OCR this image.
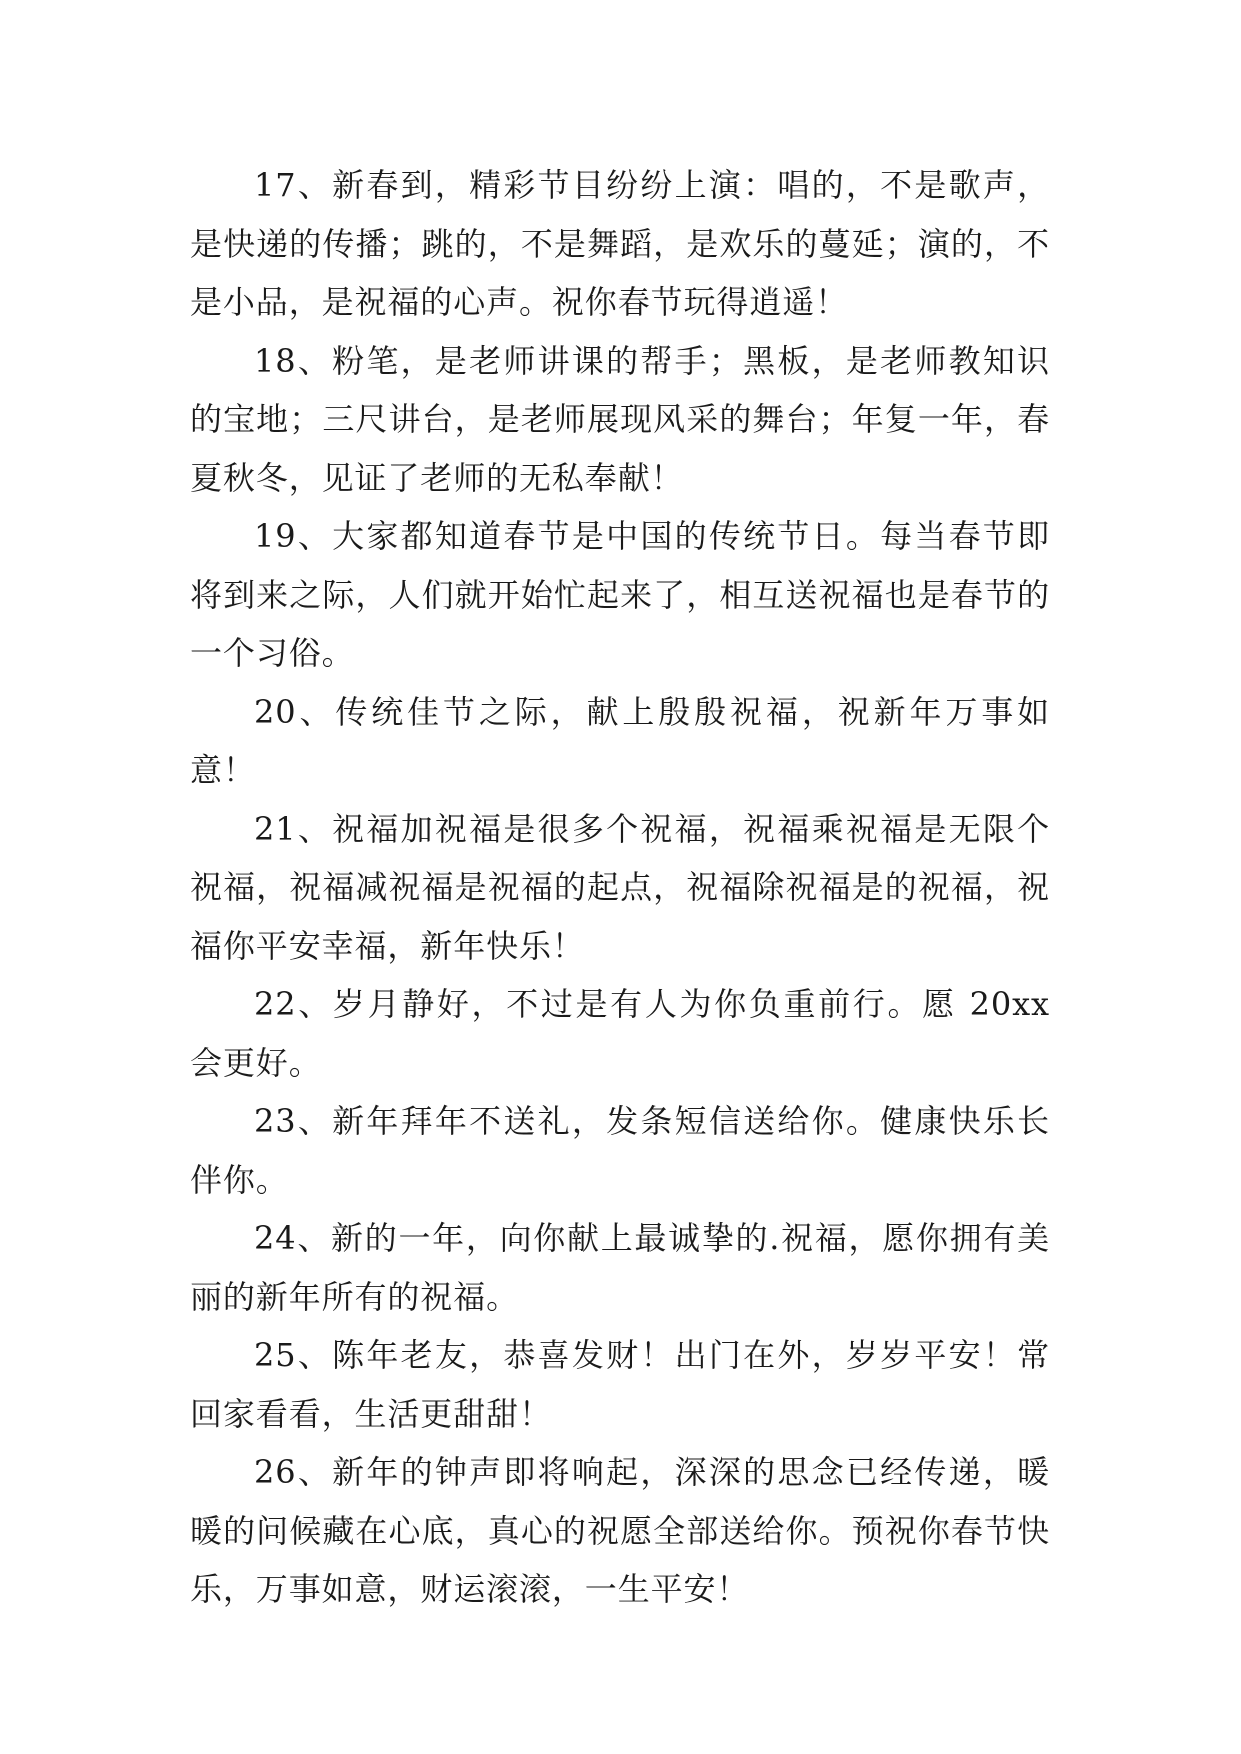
17、新春到，精彩节目纷纷上演：唱的，不是歌声，是快递的传播；跳的，不是舞蹈，是欢乐的蔓延；演的，不是小品，是祝福的心声。祝你春节玩得逍遥！

18、粉笔，是老师讲课的帮手；黑板，是老师教知识的宝地；三尺讲台，是老师展现风采的舞台；年复一年，春夏秋冬，见证了老师的无私奉献！

19、大家都知道春节是中国的传统节日。每当春节即将到来之际，人们就开始忙起来了，相互送祝福也是春节的一个习俗。

20、传统佳节之际，献上殷殷祝福，祝新年万事如意！

21、祝福加祝福是很多个祝福，祝福乘祝福是无限个祝福，祝福减祝福是祝福的起点，祝福除祝福是的祝福，祝福你平安幸福，新年快乐！

22、岁月静好，不过是有人为你负重前行。愿 20xx 会更好。

23、新年拜年不送礼，发条短信送给你。健康快乐长伴你。

24、新的一年，向你献上最诚挚的.祝福，愿你拥有美丽的新年所有的祝福。

25、陈年老友，恭喜发财！出门在外，岁岁平安！常回家看看，生活更甜甜！

26、新年的钟声即将响起，深深的思念已经传递，暖暖的问候藏在心底，真心的祝愿全部送给你。预祝你春节快乐，万事如意，财运滚滚，一生平安！
